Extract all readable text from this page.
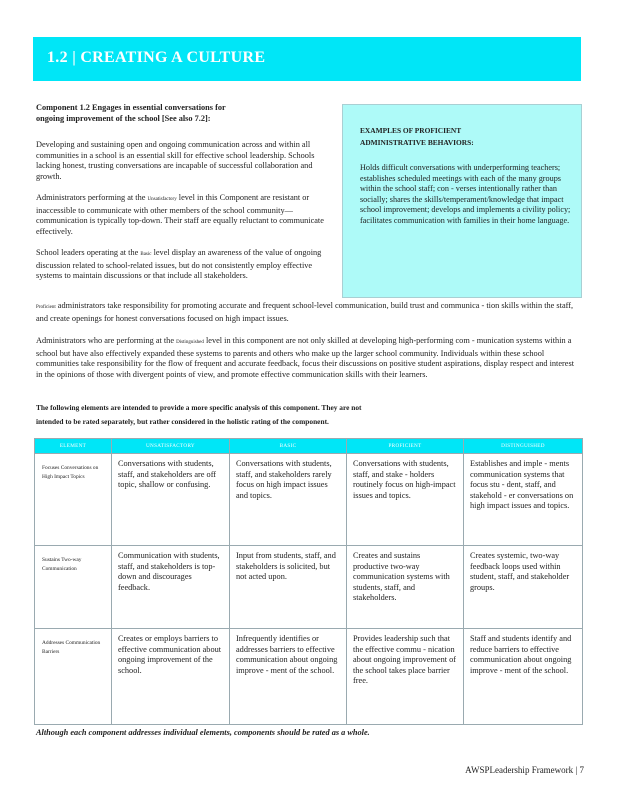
1.2 | CREATING A CULTURE
Component 1.2 Engages in essential conversations for
ongoing improvement of the school [See also 7.2]:
Developing and sustaining open and ongoing communication across and within all communities in a school is an essential skill for effective school leadership. Schools lacking honest, trusting conversations are incapable of successful collaboration and growth.
Administrators performing at the Unsatisfactory level in this Component are resistant or inaccessible to communicate with other members of the school community—communication is typically top-down. Their staff are equally reluctant to communicate effectively.
School leaders operating at the Basic level display an awareness of the value of ongoing discussion related to school-related issues, but do not consistently employ effective systems to maintain discussions or that include all stakeholders.
EXAMPLES OF PROFICIENT
ADMINISTRATIVE BEHAVIORS:
Holds difficult conversations with underperforming teachers; establishes scheduled meetings with each of the many groups within the school staff; con - verses intentionally rather than socially; shares the skills/temperament/knowledge that impact school improvement; develops and implements a civility policy; facilitates communication with families in their home language.
Proficient administrators take responsibility for promoting accurate and frequent school-level communication, build trust and communica - tion skills within the staff, and create openings for honest conversations focused on high impact issues.
Administrators who are performing at the Distinguished level in this component are not only skilled at developing high-performing com - munication systems within a school but have also effectively expanded these systems to parents and others who make up the larger school community. Individuals within these school communities take responsibility for the flow of frequent and accurate feedback, focus their discussions on positive student aspirations, display respect and interest in the opinions of those with divergent points of view, and promote effective communication skills with their learners.
The following elements are intended to provide a more specific analysis of this component. They are not
intended to be rated separately, but rather considered in the holistic rating of the component.
ELEMENT	UNSATISFACTORY	BASIC	PROFICIENT	DISTINGUISHED
Focuses Conversations on High Impact Topics	Conversations with students, staff, and stakeholders are off topic, shallow or confusing.	Conversations with students, staff, and stakeholders rarely focus on high impact issues and topics.	Conversations with students, staff, and stake - holders routinely focus on high-impact issues and topics.	Establishes and imple - ments communication systems that focus stu - dent, staff, and stakehold - er conversations on high impact issues and topics.
Sustains Two-way Communication	Communication with students, staff, and stakeholders is top-down and discourages feedback.	Input from students, staff, and stakeholders is solicited, but not acted upon.	Creates and sustains productive two-way communication systems with students, staff, and stakeholders.	Creates systemic, two-way feedback loops used within student, staff, and stakeholder groups.
Addresses Communication Barriers	Creates or employs barriers to effective communication about ongoing improvement of the school.	Infrequently identifies or addresses barriers to effective communication about ongoing improve - ment of the school.	Provides leadership such that the effective commu - nication about ongoing improvement of the school takes place barrier free.	Staff and students identify and reduce barriers to effective communication about ongoing improve - ment of the school.
Although each component addresses individual elements, components should be rated as a whole.
AWSPLeadership Framework | 7
